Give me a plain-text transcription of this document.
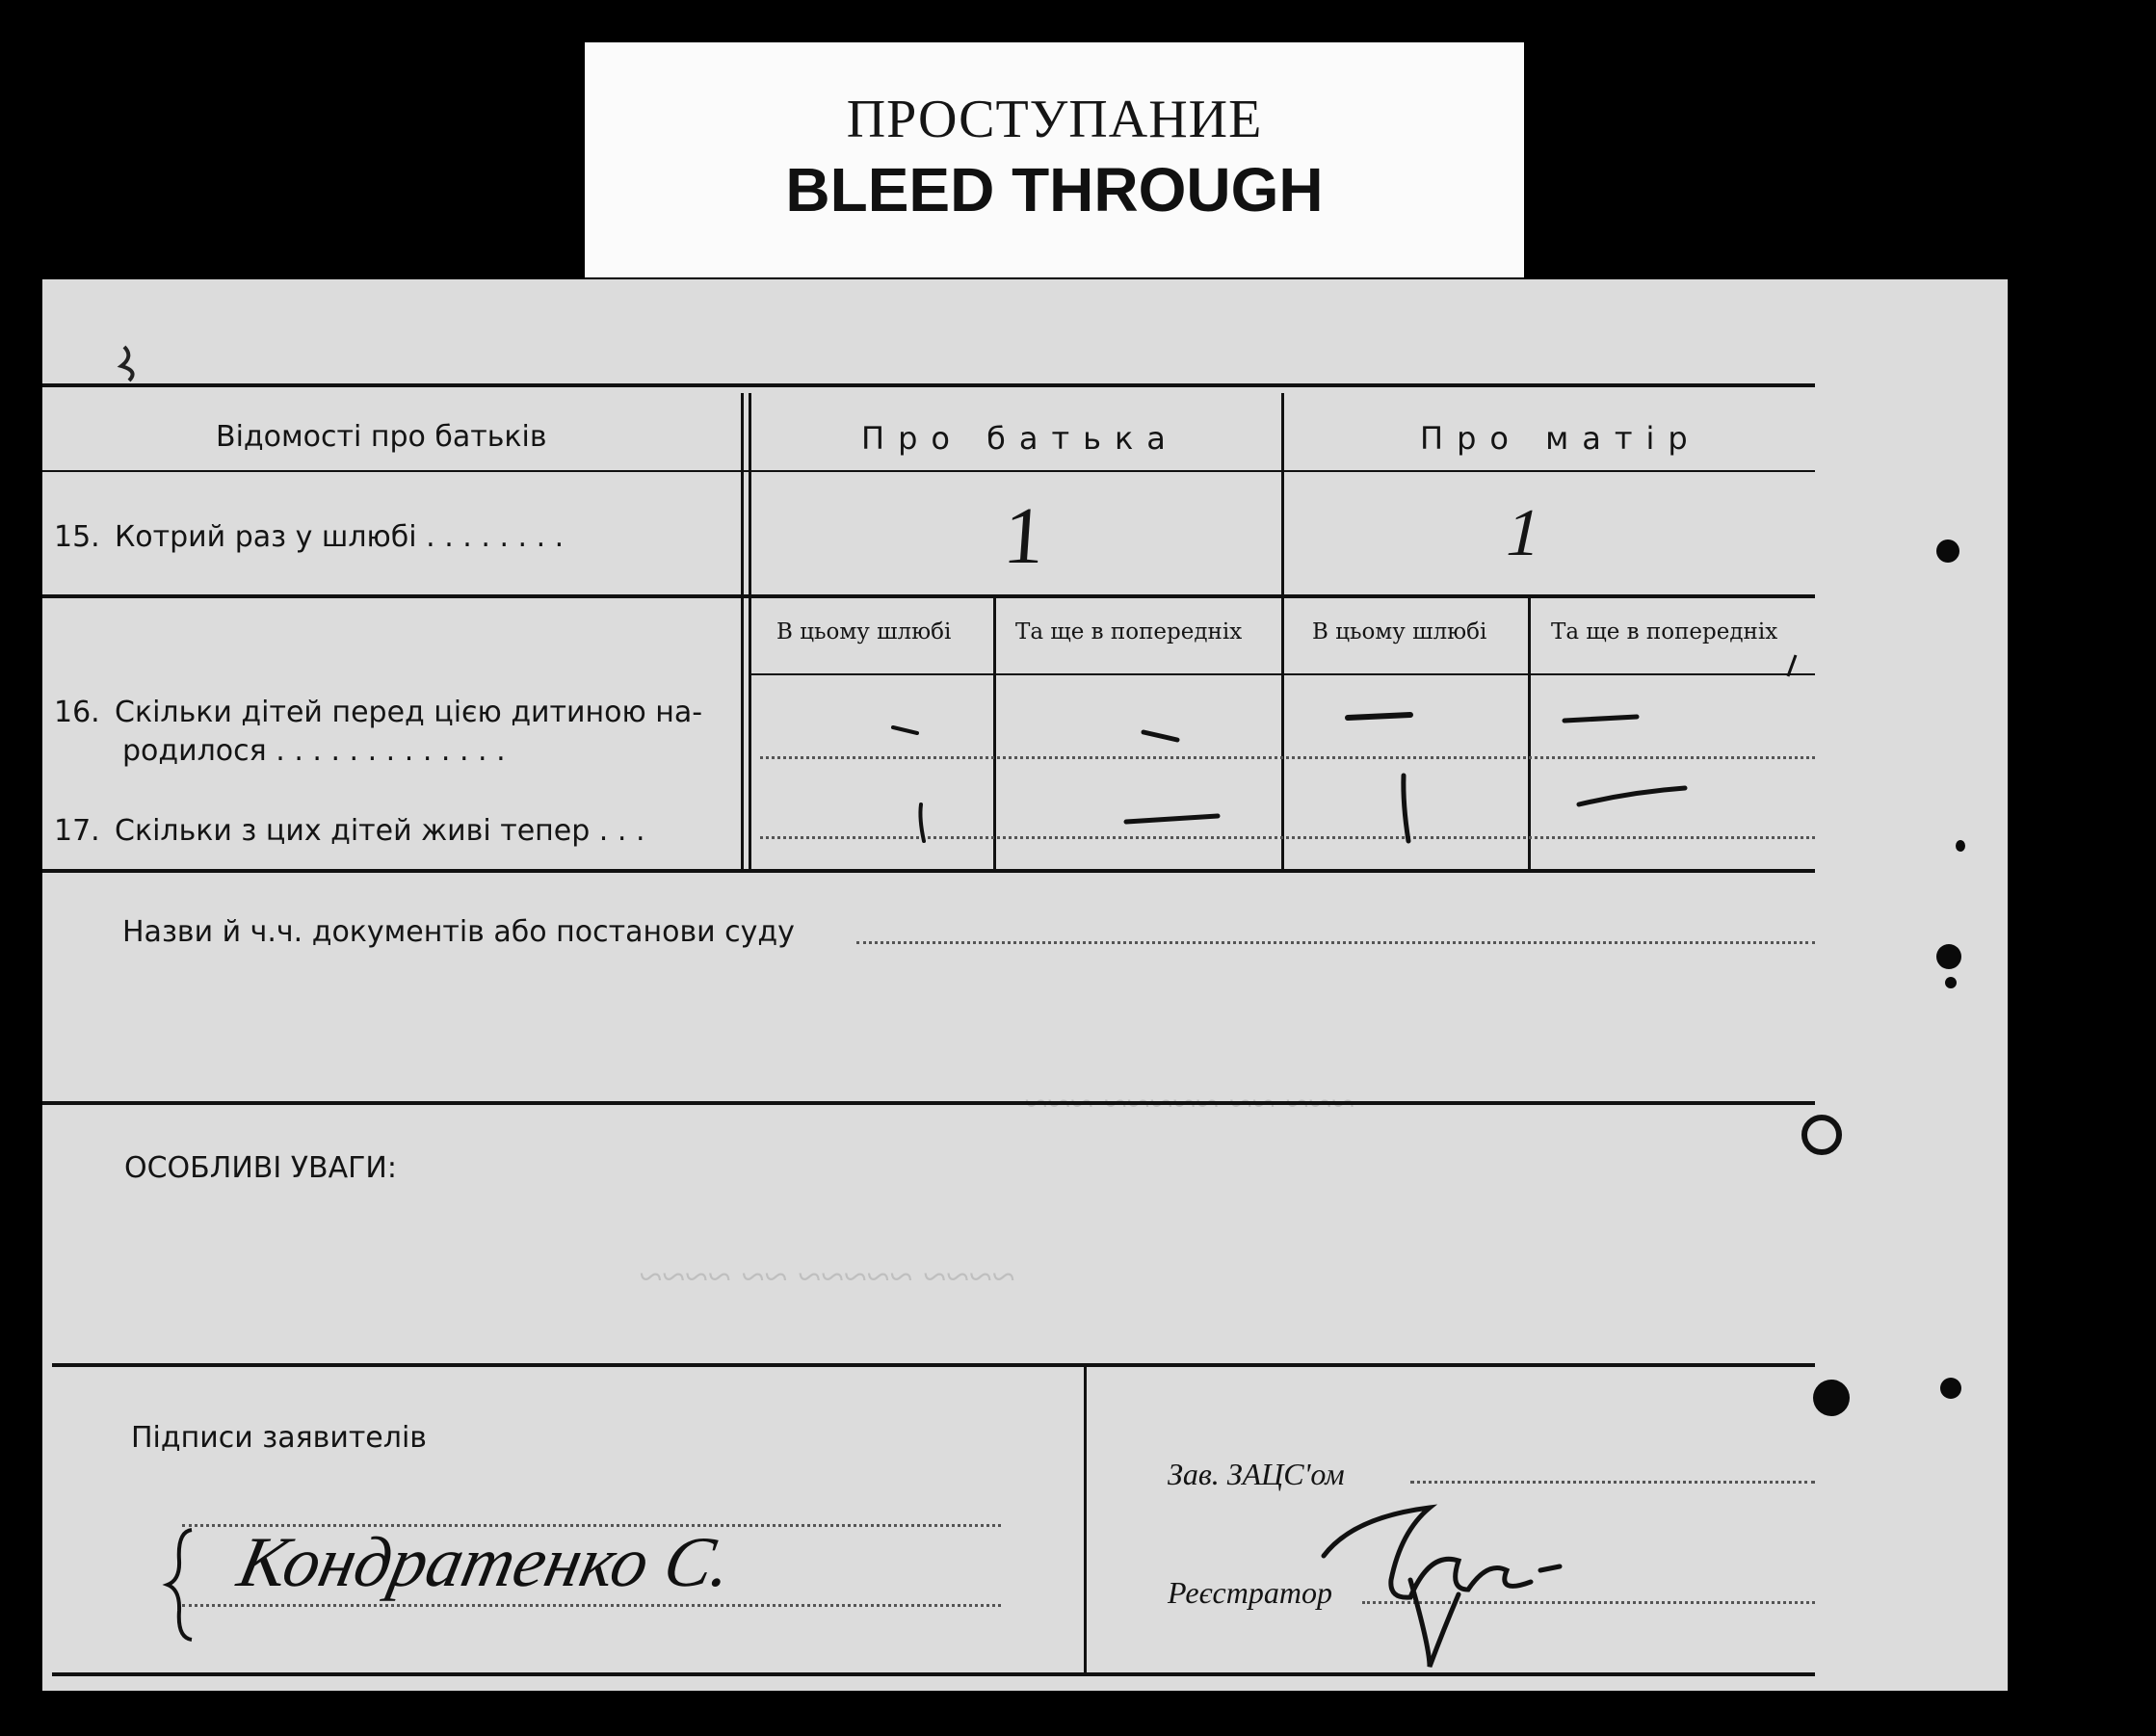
ПРОСТУПАНИЕ
BLEED THROUGH
~~~ ~~ ~~~~~ ~~~
~~~~ ~~~~~ ~~ ~~~~
Відомості про батьків	Про батька	Про матір
15. Котрий раз у шлюбі . . . . . . . .	1	1
В цьому шлюбі	Та ще в попередніх	В цьому шлюбі	Та ще в попередніх
16. Скільки дітей перед цією дитиною на-
родилося . . . . . . . . . . . . .
17. Скільки з цих дітей живі тепер . . .
Назви й ч.ч. документів або постанови суду
ОСОБЛИВІ УВАГИ:
Підписи заявителів
Кондратенко С.
Зав. ЗАЦС'ом
Реєстратор
